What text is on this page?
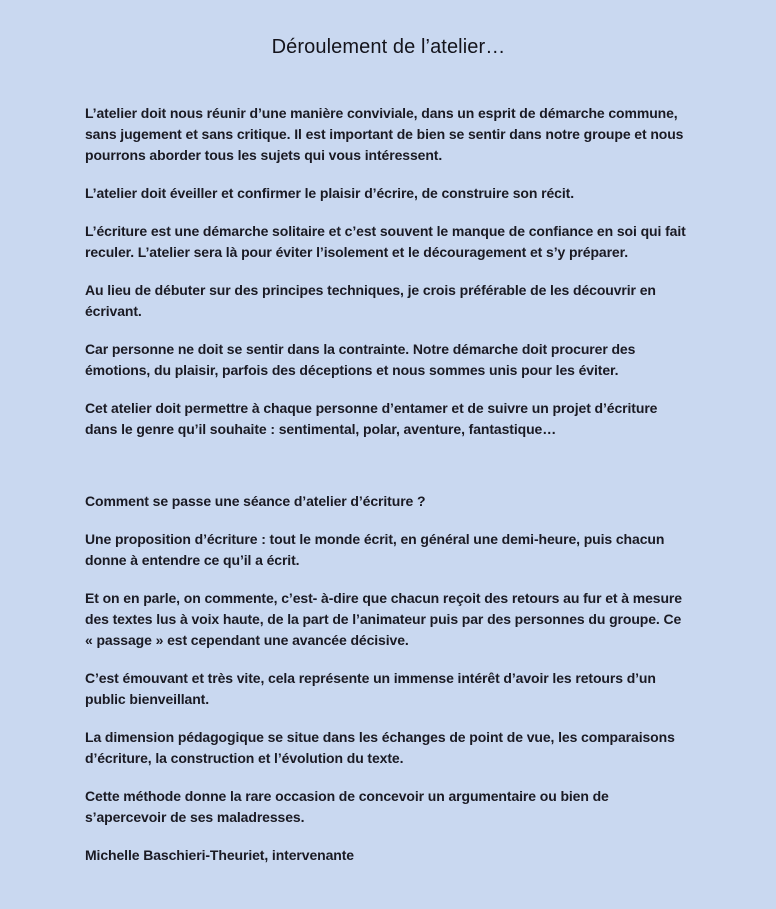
Déroulement de l’atelier…

L’atelier doit nous réunir d’une manière conviviale, dans un esprit de démarche commune, sans jugement et sans critique. Il est important de bien se sentir dans notre groupe et nous pourrons aborder tous les sujets qui vous intéressent.

L’atelier doit éveiller et confirmer le plaisir d’écrire, de construire son récit.

L’écriture est une démarche solitaire et c’est souvent le manque de confiance en soi qui fait reculer. L’atelier sera là pour éviter l’isolement et le découragement et s’y préparer.

Au lieu de débuter sur des principes techniques, je crois préférable de les découvrir en écrivant.

Car personne ne doit se sentir dans la contrainte. Notre démarche doit procurer des émotions, du plaisir, parfois des déceptions et nous sommes unis pour les éviter.

Cet atelier doit permettre à chaque personne d’entamer et de suivre un projet d’écriture dans le genre qu’il souhaite : sentimental, polar, aventure, fantastique…

Comment se passe une séance d’atelier d’écriture ?

Une proposition d’écriture : tout le monde écrit, en général une demi-heure, puis chacun donne à entendre ce qu’il a écrit.

Et on en parle, on commente, c’est- à-dire que chacun reçoit des retours au fur et à mesure des textes lus à voix haute, de la part de l’animateur puis par des personnes du groupe. Ce « passage » est cependant une avancée décisive.

C’est émouvant et très vite, cela représente un immense intérêt d’avoir les retours d’un public bienveillant.

La dimension pédagogique se situe dans les échanges de point de vue, les comparaisons d’écriture, la construction et l’évolution du texte.

Cette méthode donne la rare occasion de concevoir un argumentaire ou bien de s’apercevoir de ses maladresses.

Michelle Baschieri-Theuriet, intervenante
